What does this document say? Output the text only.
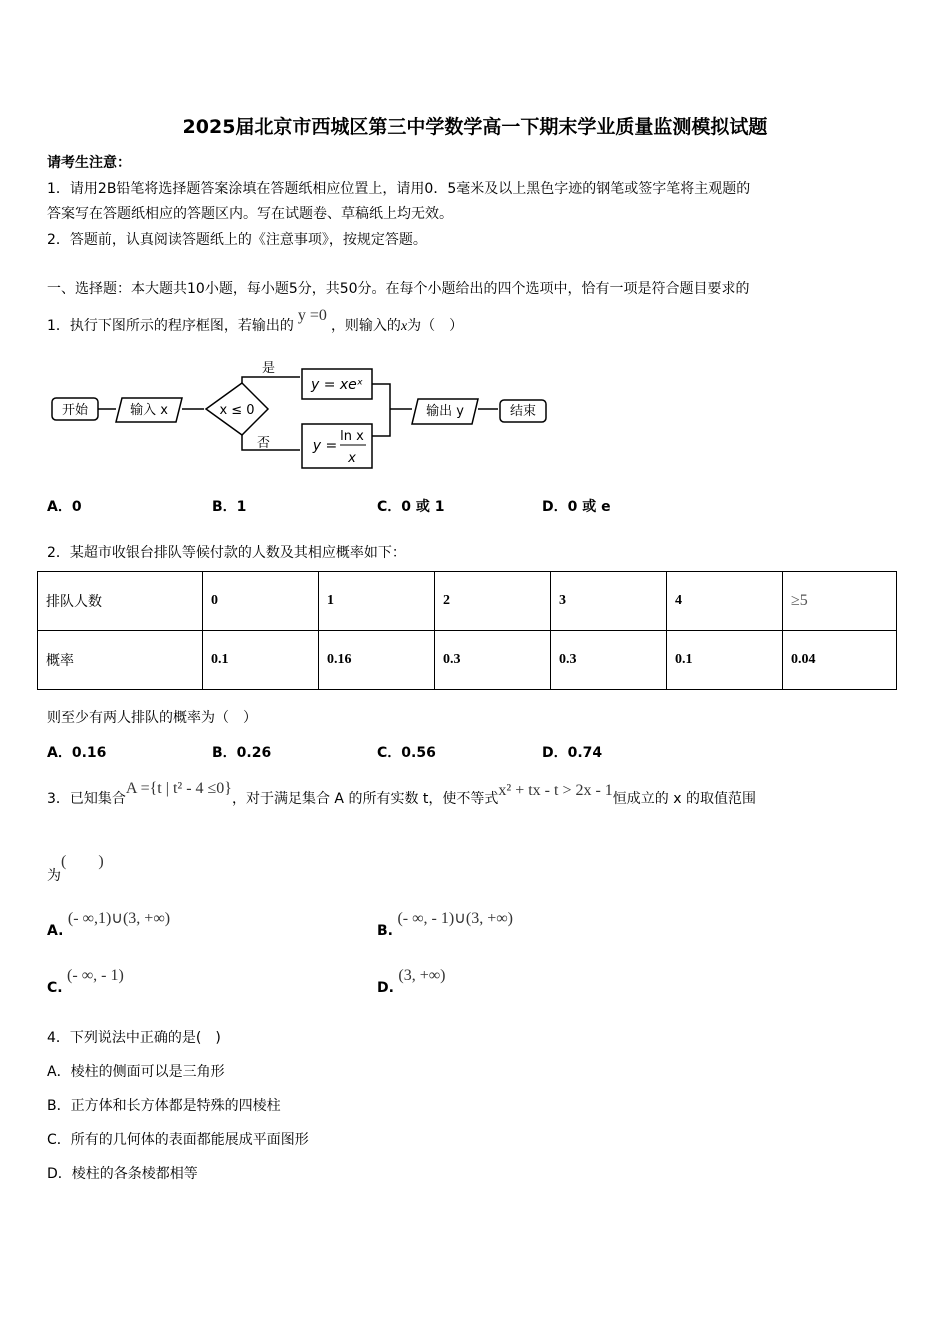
2025届北京市西城区第三中学数学高一下期末学业质量监测模拟试题
请考生注意：
1．请用2B铅笔将选择题答案涂填在答题纸相应位置上，请用0．5毫米及以上黑色字迹的钢笔或签字笔将主观题的
答案写在答题纸相应的答题区内。写在试题卷、草稿纸上均无效。
2．答题前，认真阅读答题纸上的《注意事项》，按规定答题。
一、选择题：本大题共10小题，每小题5分，共50分。在每个小题给出的四个选项中，恰有一项是符合题目要求的
1．执行下图所示的程序框图，若输出的y =0，则输入的x为（　）
开始	输入 x	x ≤ 0
是
否
y = xeˣ
y =
ln x
x
输出 y	结束
A．0	B．1	C．0 或 1	D．0 或 e
2．某超市收银台排队等候付款的人数及其相应概率如下：
排队人数	0	1	2	3	4	≥5
概率	0.1	0.16	0.3	0.3	0.1	0.04
则至少有两人排队的概率为（　）
A．0.16	B．0.26	C．0.56	D．0.74
3．已知集合A ={t | t² - 4 ≤0}，对于满足集合 A 的所有实数 t，使不等式x² + tx - t > 2x - 1恒成立的 x 的取值范围
为(　　)
A. (- ∞,1)∪(3, +∞)
B. (- ∞, - 1)∪(3, +∞)
C. (- ∞, - 1)
D. (3, +∞)
4．下列说法中正确的是(　)
A．棱柱的侧面可以是三角形
B．正方体和长方体都是特殊的四棱柱
C．所有的几何体的表面都能展成平面图形
D．棱柱的各条棱都相等
